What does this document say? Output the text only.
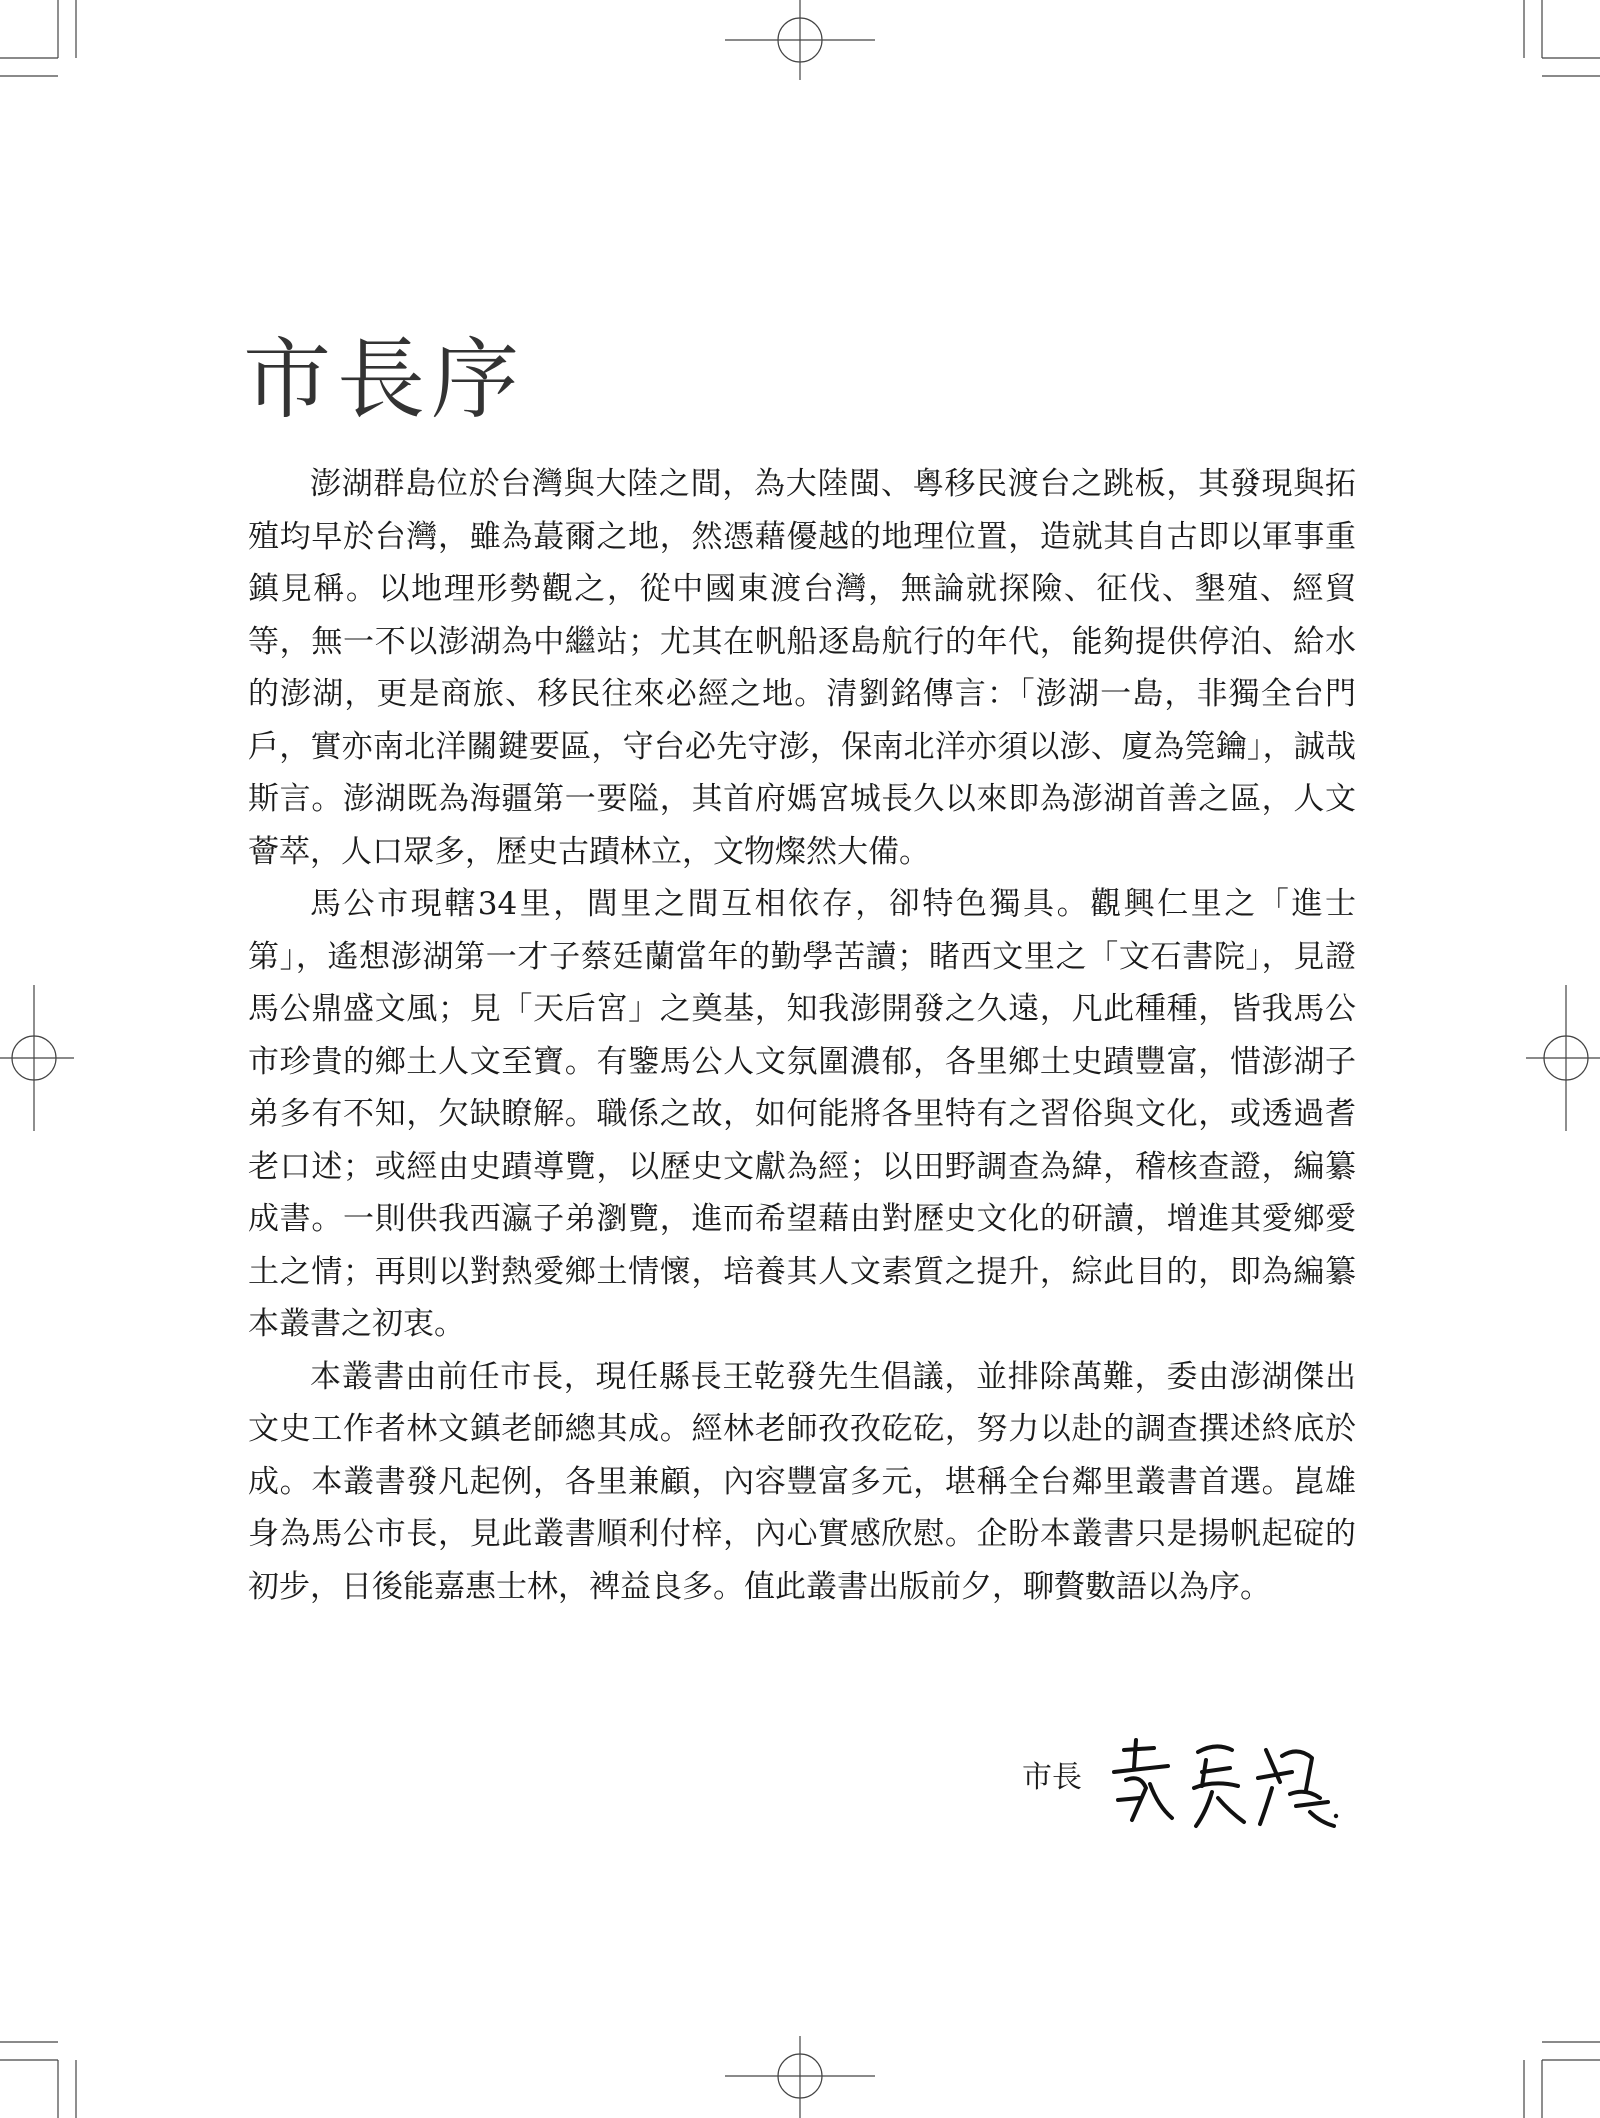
市長序

澎湖群島位於台灣與大陸之間，為大陸閩、粵移民渡台之跳板，其發現與拓殖均早於台灣，雖為蕞爾之地，然憑藉優越的地理位置，造就其自古即以軍事重鎮見稱。以地理形勢觀之，從中國東渡台灣，無論就探險、征伐、墾殖、經貿等，無一不以澎湖為中繼站；尤其在帆船逐島航行的年代，能夠提供停泊、給水的澎湖，更是商旅、移民往來必經之地。清劉銘傳言：「澎湖一島，非獨全台門戶，實亦南北洋關鍵要區，守台必先守澎，保南北洋亦須以澎、廈為筦鑰」，誠哉斯言。澎湖既為海疆第一要隘，其首府媽宮城長久以來即為澎湖首善之區，人文薈萃，人口眾多，歷史古蹟林立，文物燦然大備。

馬公市現轄34里，閭里之間互相依存，卻特色獨具。觀興仁里之「進士第」，遙想澎湖第一才子蔡廷蘭當年的勤學苦讀；睹西文里之「文石書院」，見證馬公鼎盛文風；見「天后宮」之奠基，知我澎開發之久遠，凡此種種，皆我馬公市珍貴的鄉土人文至寶。有鑒馬公人文氛圍濃郁，各里鄉土史蹟豐富，惜澎湖子弟多有不知，欠缺瞭解。職係之故，如何能將各里特有之習俗與文化，或透過耆老口述；或經由史蹟導覽，以歷史文獻為經；以田野調查為緯，稽核查證，編纂成書。一則供我西瀛子弟瀏覽，進而希望藉由對歷史文化的研讀，增進其愛鄉愛土之情；再則以對熱愛鄉土情懷，培養其人文素質之提升，綜此目的，即為編纂本叢書之初衷。

本叢書由前任市長，現任縣長王乾發先生倡議，並排除萬難，委由澎湖傑出文史工作者林文鎮老師總其成。經林老師孜孜矻矻，努力以赴的調查撰述終底於成。本叢書發凡起例，各里兼顧，內容豐富多元，堪稱全台鄰里叢書首選。崑雄身為馬公市長，見此叢書順利付梓，內心實感欣慰。企盼本叢書只是揚帆起碇的初步，日後能嘉惠士林，裨益良多。值此叢書出版前夕，聊贅數語以為序。

市長
